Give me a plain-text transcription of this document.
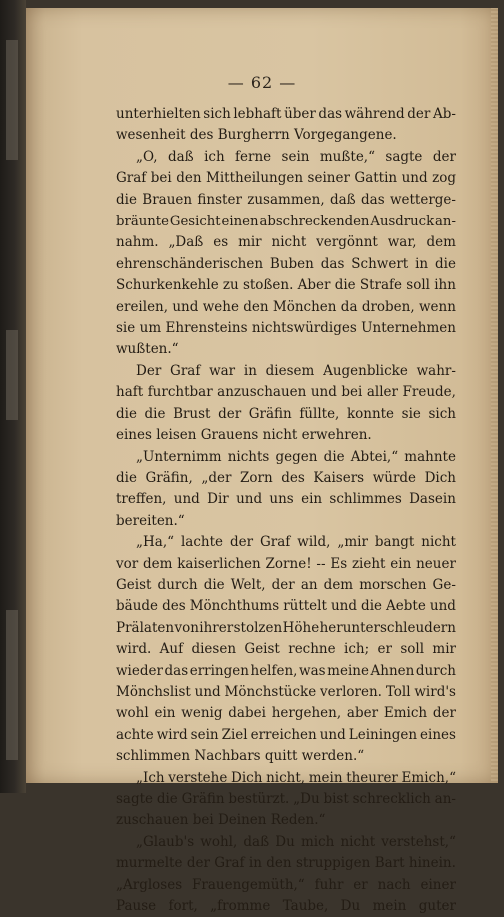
— 62 —
unterhielten sich lebhaft über das während der Ab-
wesenheit des Burgherrn Vorgegangene.
„O, daß ich ferne sein mußte,“ sagte der
Graf bei den Mittheilungen seiner Gattin und zog
die Brauen finster zusammen, daß das wetterge-
bräunte Gesicht einen abschreckenden Ausdruck an-
nahm. „Daß es mir nicht vergönnt war, dem
ehrenschänderischen Buben das Schwert in die
Schurkenkehle zu stoßen. Aber die Strafe soll ihn
ereilen, und wehe den Mönchen da droben, wenn
sie um Ehrensteins nichtswürdiges Unternehmen
wußten.“
Der Graf war in diesem Augenblicke wahr-
haft furchtbar anzuschauen und bei aller Freude,
die die Brust der Gräfin füllte, konnte sie sich
eines leisen Grauens nicht erwehren.
„Unternimm nichts gegen die Abtei,“ mahnte
die Gräfin, „der Zorn des Kaisers würde Dich
treffen, und Dir und uns ein schlimmes Dasein
bereiten.“
„Ha,“ lachte der Graf wild, „mir bangt nicht
vor dem kaiserlichen Zorne! -- Es zieht ein neuer
Geist durch die Welt, der an dem morschen Ge-
bäude des Mönchthums rüttelt und die Aebte und
Prälaten von ihrer stolzen Höhe herunterschleudern
wird. Auf diesen Geist rechne ich; er soll mir
wieder das erringen helfen, was meine Ahnen durch
Mönchslist und Mönchstücke verloren. Toll wird's
wohl ein wenig dabei hergehen, aber Emich der
achte wird sein Ziel erreichen und Leiningen eines
schlimmen Nachbars quitt werden.“
„Ich verstehe Dich nicht, mein theurer Emich,“
sagte die Gräfin bestürzt. „Du bist schrecklich an-
zuschauen bei Deinen Reden.“
„Glaub's wohl, daß Du mich nicht verstehst,“
murmelte der Graf in den struppigen Bart hinein.
„Argloses Frauengemüth,“ fuhr er nach einer
Pause fort, „fromme Taube, Du mein guter
